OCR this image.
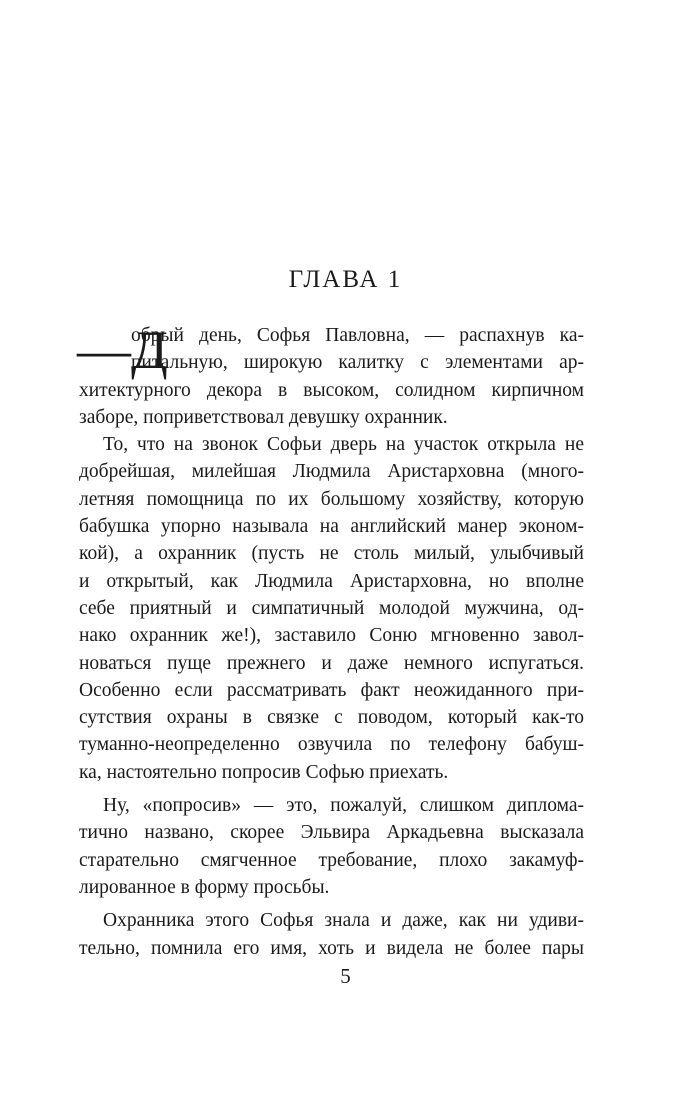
ГЛАВА 1
—Д
обрый день, Софья Павловна, — распахнув ка-
питальную, широкую калитку с элементами ар-
хитектурного декора в высоком, солидном кирпичном
заборе, поприветствовал девушку охранник.
То, что на звонок Софьи дверь на участок открыла не
добрейшая, милейшая Людмила Аристарховна (много-
летняя помощница по их большому хозяйству, которую
бабушка упорно называла на английский манер эконом-
кой), а охранник (пусть не столь милый, улыбчивый
и открытый, как Людмила Аристарховна, но вполне
себе приятный и симпатичный молодой мужчина, од-
нако охранник же!), заставило Соню мгновенно завол-
новаться пуще прежнего и даже немного испугаться.
Особенно если рассматривать факт неожиданного при-
сутствия охраны в связке с поводом, который как-то
туманно-неопределенно озвучила по телефону бабуш-
ка, настоятельно попросив Софью приехать.
Ну, «попросив» — это, пожалуй, слишком диплома-
тично названо, скорее Эльвира Аркадьевна высказала
старательно смягченное требование, плохо закамуф-
лированное в форму просьбы.
Охранника этого Софья знала и даже, как ни удиви-
тельно, помнила его имя, хоть и видела не более пары
5
